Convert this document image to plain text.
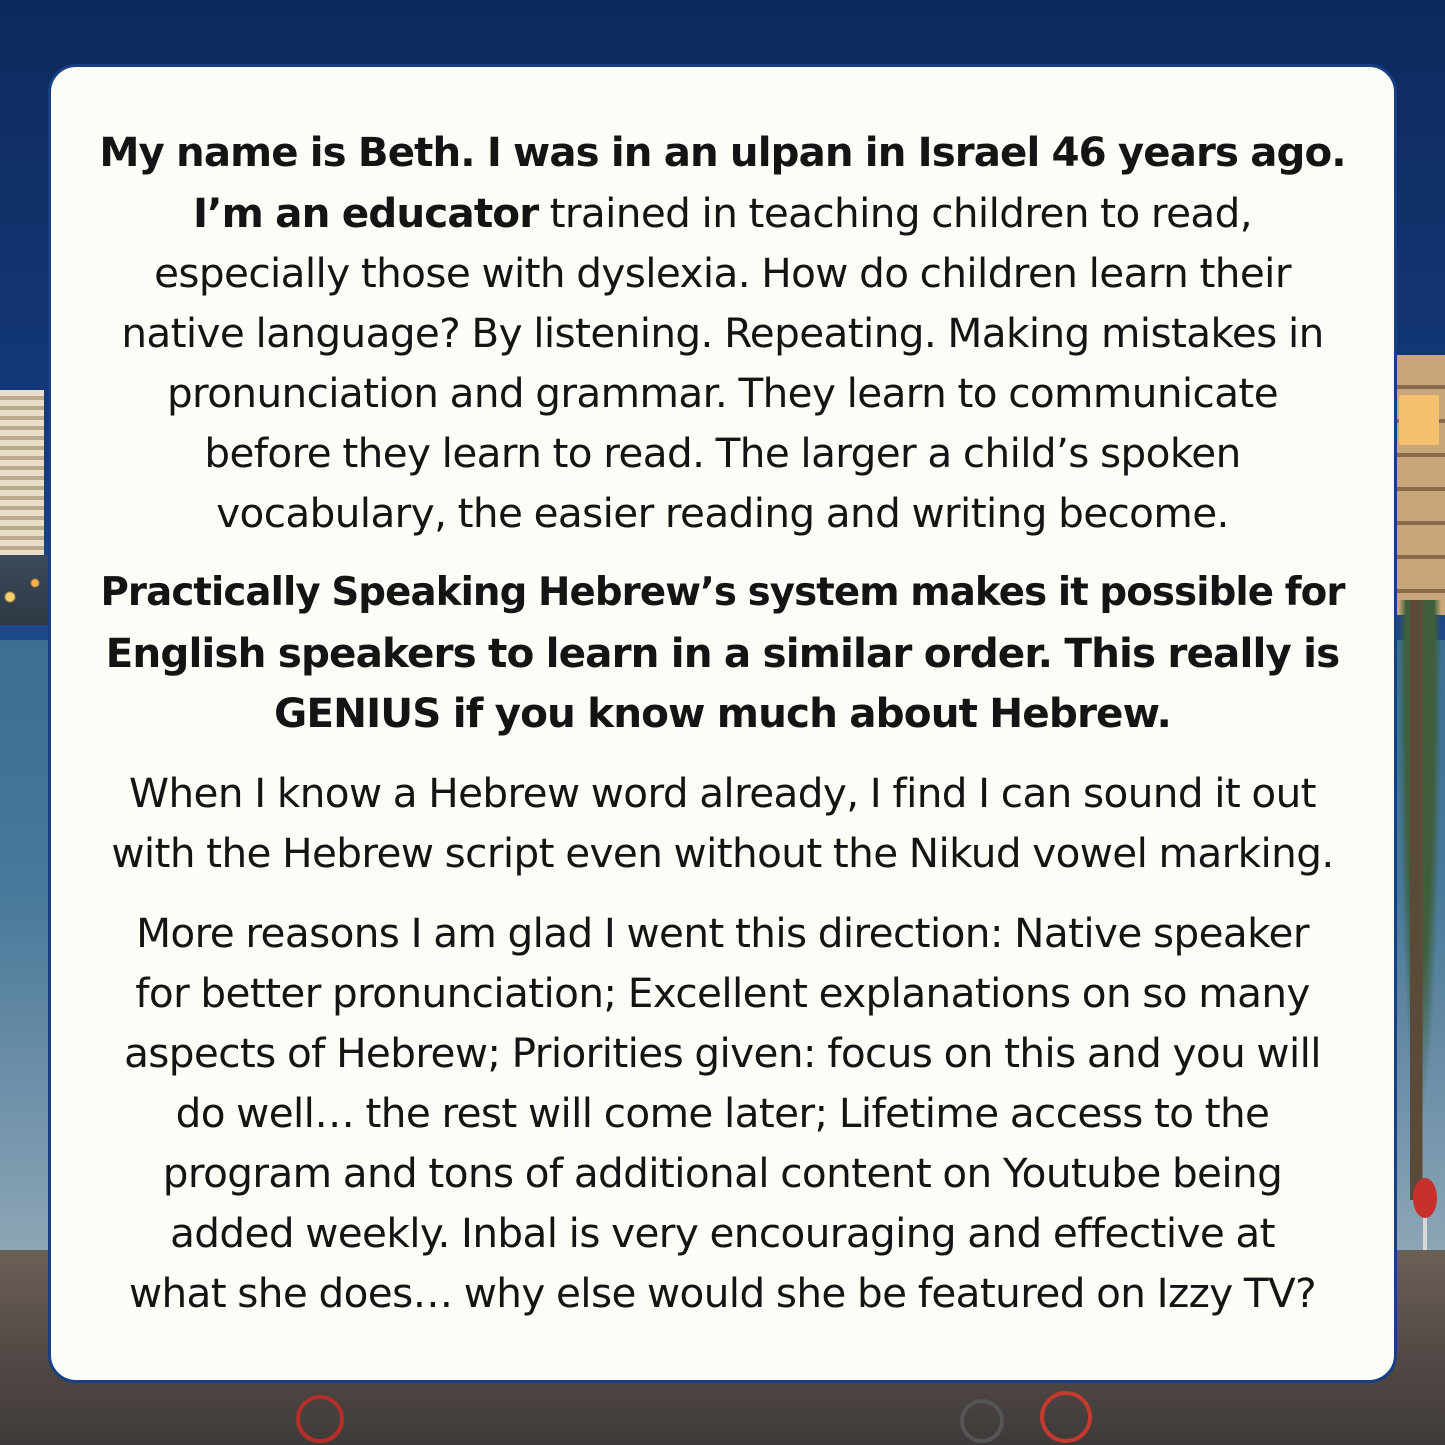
My name is Beth. I was in an ulpan in Israel 46 years ago.
I’m an educator trained in teaching children to read,
especially those with dyslexia. How do children learn their
native language? By listening. Repeating. Making mistakes in
pronunciation and grammar. They learn to communicate
before they learn to read. The larger a child’s spoken
vocabulary, the easier reading and writing become.

Practically Speaking Hebrew’s system makes it possible for
English speakers to learn in a similar order. This really is
GENIUS if you know much about Hebrew.

When I know a Hebrew word already, I find I can sound it out
with the Hebrew script even without the Nikud vowel marking.

More reasons I am glad I went this direction: Native speaker
for better pronunciation; Excellent explanations on so many
aspects of Hebrew; Priorities given: focus on this and you will
do well… the rest will come later; Lifetime access to the
program and tons of additional content on Youtube being
added weekly. Inbal is very encouraging and effective at
what she does… why else would she be featured on Izzy TV?
